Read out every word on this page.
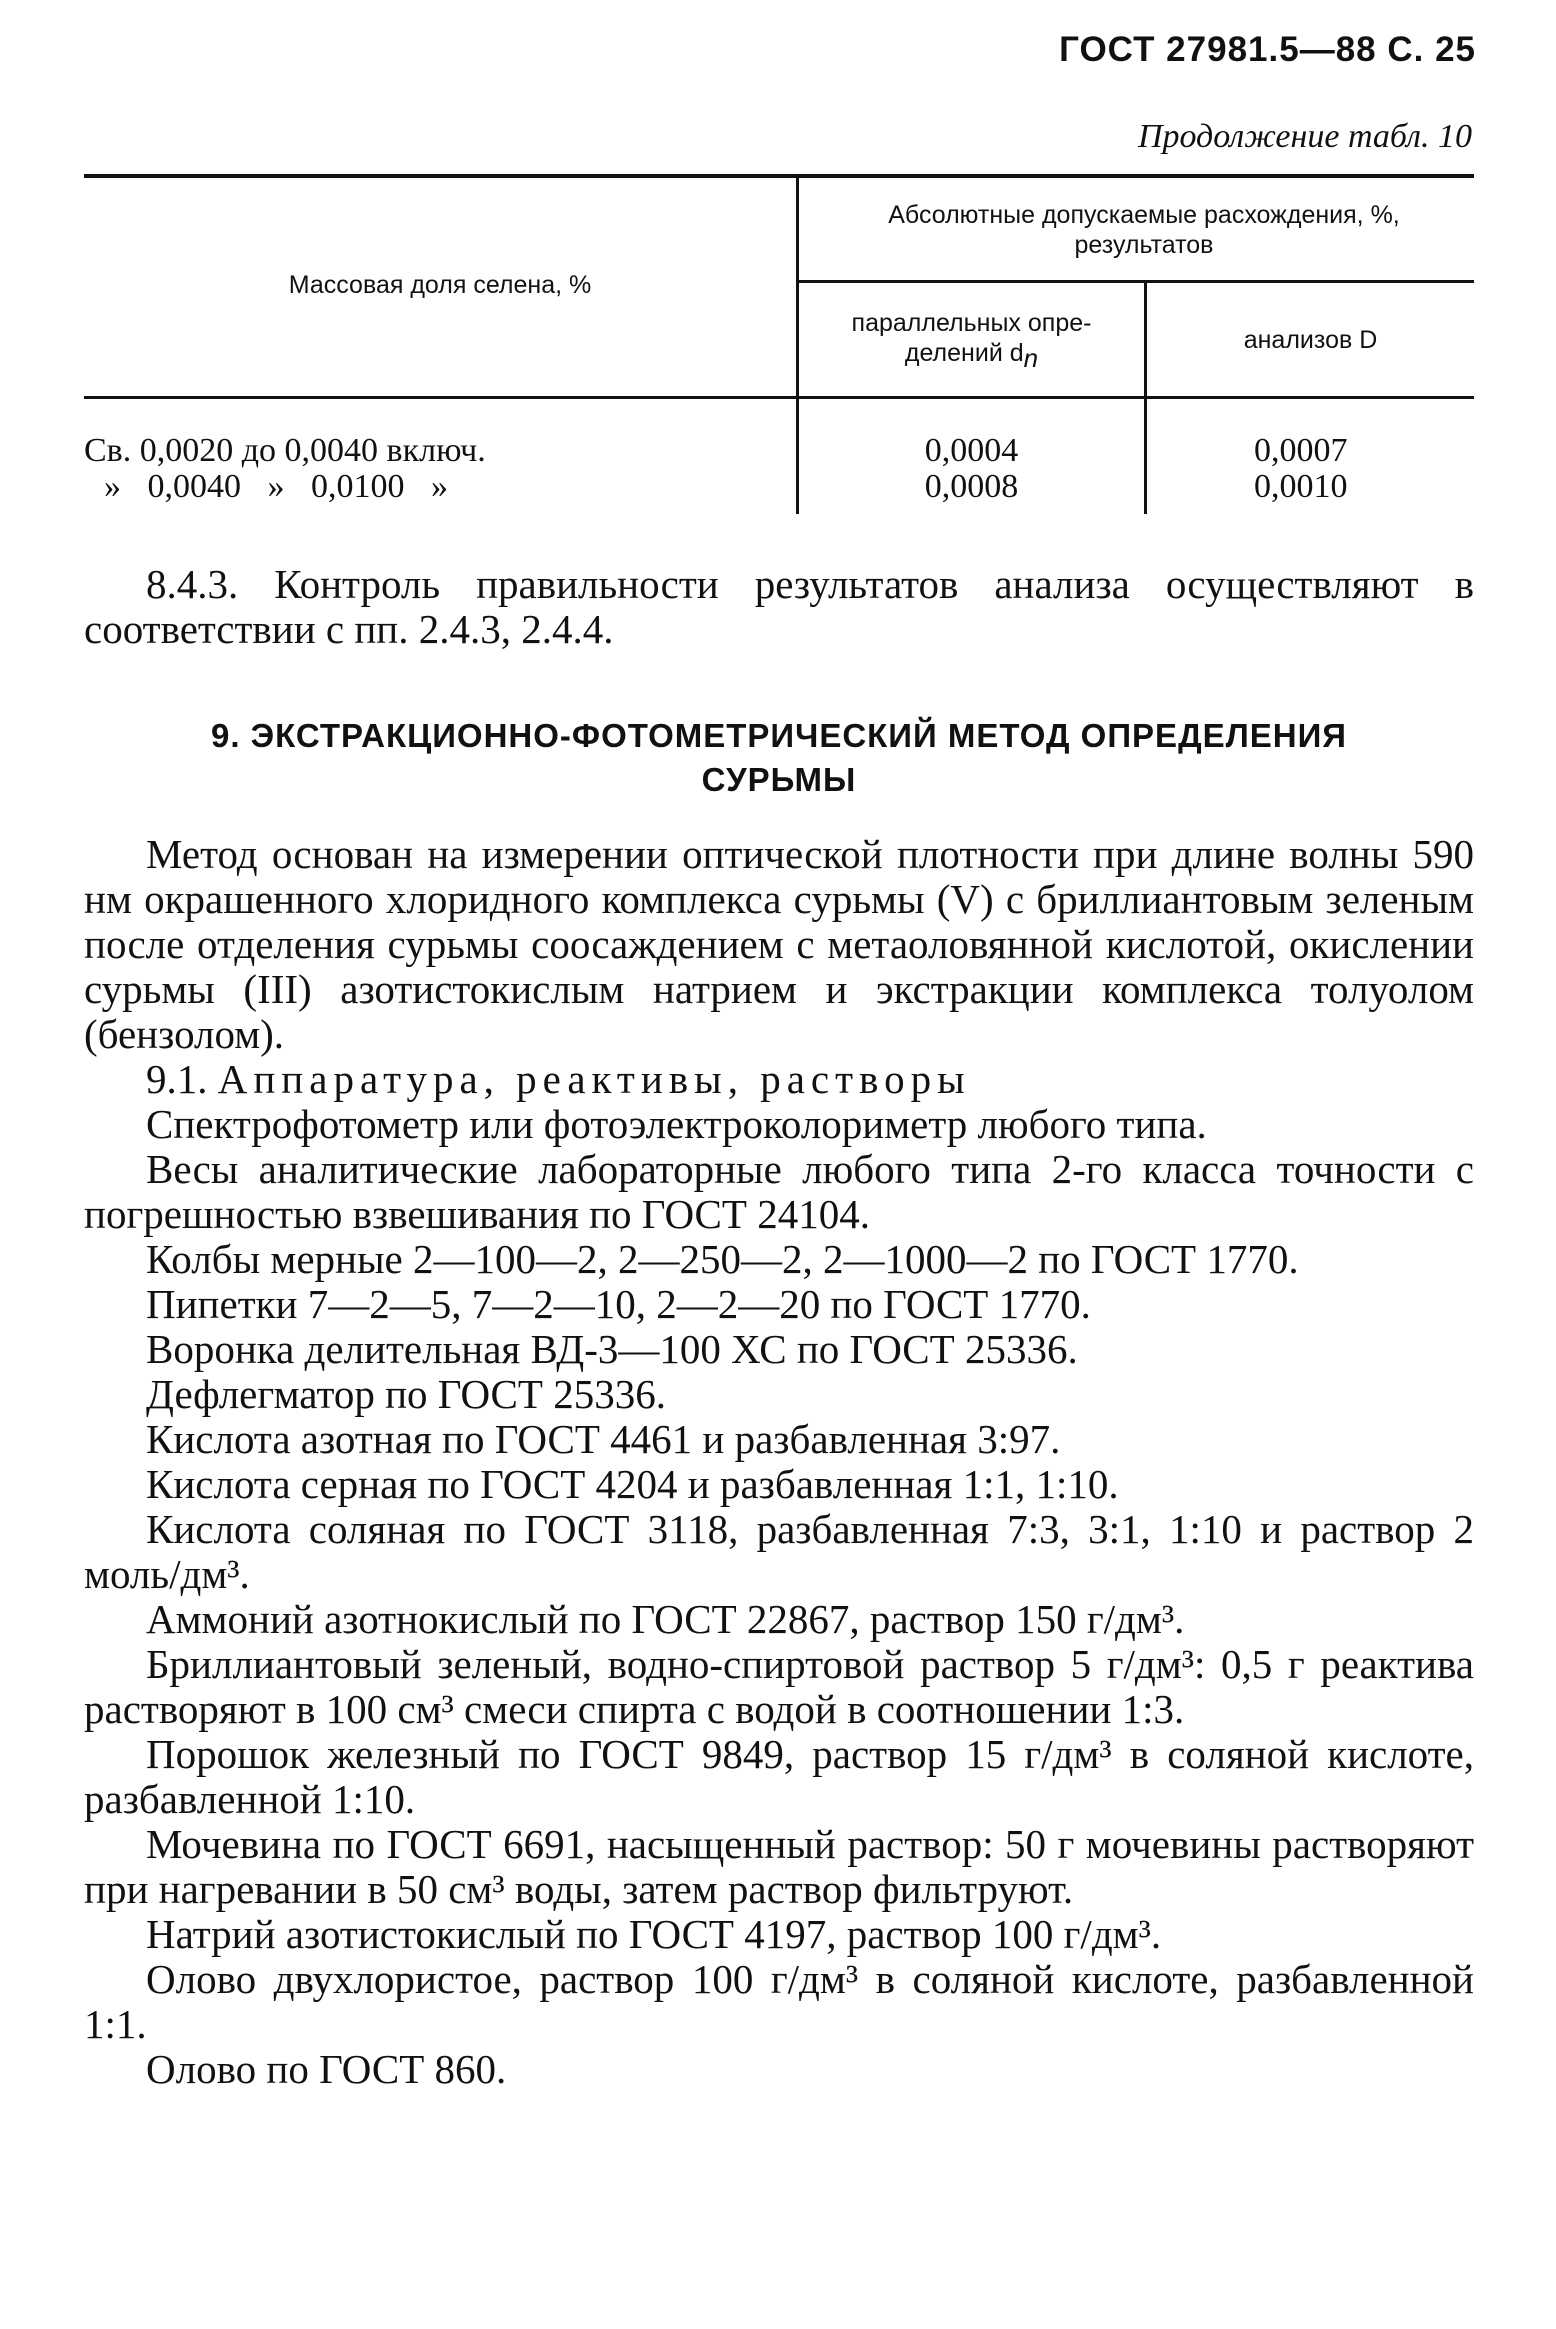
ГОСТ 27981.5—88 С. 25
Продолжение табл. 10
Массовая доля селена, %
Абсолютные допускаемые расхождения, %, результатов
параллельных опре-
делений $d_n$
анализов D
Св. 0,0020 до 0,0040 включ.	0,0004	0,0007
» 0,0040 » 0,0100 »	0,0008	0,0010

8.4.3. Контроль правильности результатов анализа осуществляют в соответствии с пп. 2.4.3, 2.4.4.

9. ЭКСТРАКЦИОННО-ФОТОМЕТРИЧЕСКИЙ МЕТОД ОПРЕДЕЛЕНИЯ
СУРЬМЫ

Метод основан на измерении оптической плотности при длине волны 590 нм окрашенного хлоридного комплекса сурьмы (V) с бриллиантовым зеленым после отделения сурьмы соосаждением с метаоловянной кислотой, окислении сурьмы (III) азотистокислым натрием и экстракции комплекса толуолом (бензолом).

9.1. Аппаратура, реактивы, растворы

Спектрофотометр или фотоэлектроколориметр любого типа.

Весы аналитические лабораторные любого типа 2-го класса точности с погрешностью взвешивания по ГОСТ 24104.

Колбы мерные 2—100—2, 2—250—2, 2—1000—2 по ГОСТ 1770.

Пипетки 7—2—5, 7—2—10, 2—2—20 по ГОСТ 1770.

Воронка делительная ВД-3—100 ХС по ГОСТ 25336.

Дефлегматор по ГОСТ 25336.

Кислота азотная по ГОСТ 4461 и разбавленная 3:97.

Кислота серная по ГОСТ 4204 и разбавленная 1:1, 1:10.

Кислота соляная по ГОСТ 3118, разбавленная 7:3, 3:1, 1:10 и раствор 2 моль/дм³.

Аммоний азотнокислый по ГОСТ 22867, раствор 150 г/дм³.

Бриллиантовый зеленый, водно-спиртовой раствор 5 г/дм³: 0,5 г реактива растворяют в 100 см³ смеси спирта с водой в соотношении 1:3.

Порошок железный по ГОСТ 9849, раствор 15 г/дм³ в соляной кислоте, разбавленной 1:10.

Мочевина по ГОСТ 6691, насыщенный раствор: 50 г мочевины растворяют при нагревании в 50 см³ воды, затем раствор фильтруют.

Натрий азотистокислый по ГОСТ 4197, раствор 100 г/дм³.

Олово двухлористое, раствор 100 г/дм³ в соляной кислоте, разбавленной 1:1.

Олово по ГОСТ 860.
